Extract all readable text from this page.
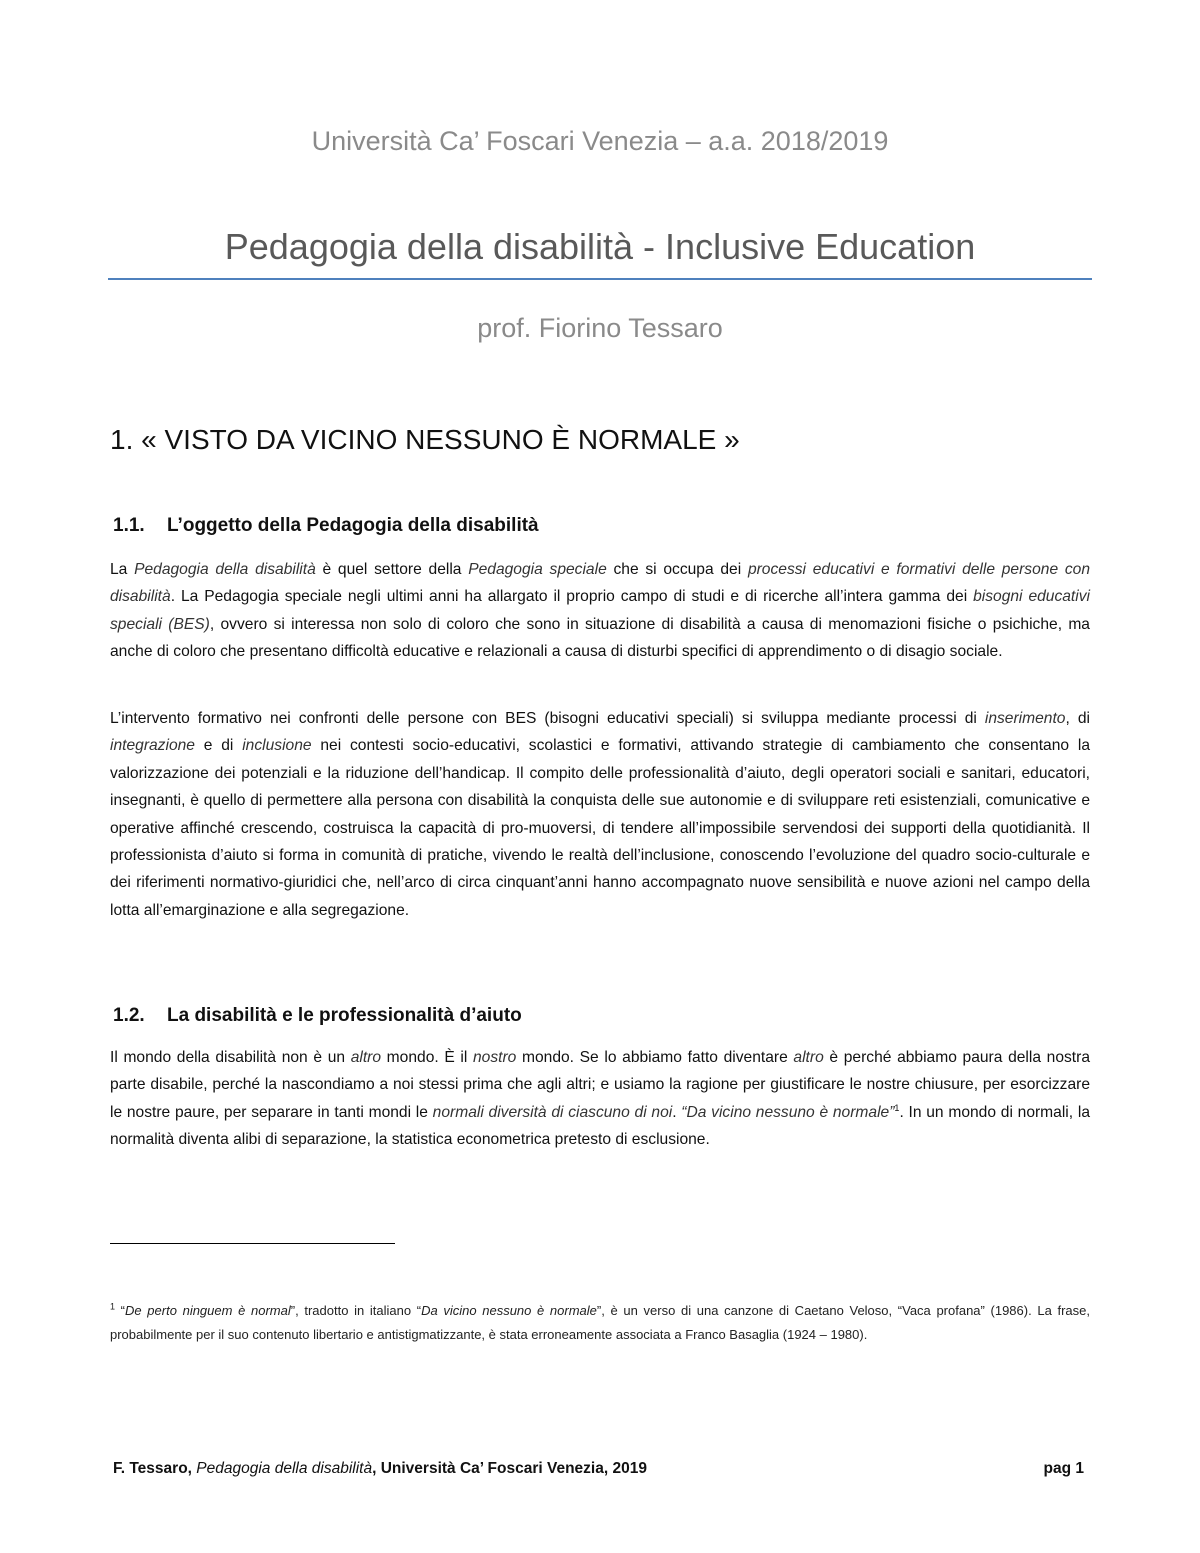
Università Ca’ Foscari Venezia – a.a. 2018/2019
Pedagogia della disabilità - Inclusive Education
prof. Fiorino Tessaro
1. « VISTO DA VICINO NESSUNO È NORMALE »
1.1. L’oggetto della Pedagogia della disabilità

La Pedagogia della disabilità è quel settore della Pedagogia speciale che si occupa dei processi educativi e formativi delle persone con disabilità. La Pedagogia speciale negli ultimi anni ha allargato il proprio campo di studi e di ricerche all’intera gamma dei bisogni educativi speciali (BES), ovvero si interessa non solo di coloro che sono in situazione di disabilità a causa di menomazioni fisiche o psichiche, ma anche di coloro che presentano difficoltà educative e relazionali a causa di disturbi specifici di apprendimento o di disagio sociale.

L’intervento formativo nei confronti delle persone con BES (bisogni educativi speciali) si sviluppa mediante processi di inserimento, di integrazione e di inclusione nei contesti socio-educativi, scolastici e formativi, attivando strategie di cambiamento che consentano la valorizzazione dei potenziali e la riduzione dell’handicap. Il compito delle professionalità d’aiuto, degli operatori sociali e sanitari, educatori, insegnanti, è quello di permettere alla persona con disabilità la conquista delle sue autonomie e di sviluppare reti esistenziali, comunicative e operative affinché crescendo, costruisca la capacità di pro-muoversi, di tendere all’impossibile servendosi dei supporti della quotidianità. Il professionista d’aiuto si forma in comunità di pratiche, vivendo le realtà dell’inclusione, conoscendo l’evoluzione del quadro socio-culturale e dei riferimenti normativo-giuridici che, nell’arco di circa cinquant’anni hanno accompagnato nuove sensibilità e nuove azioni nel campo della lotta all’emarginazione e alla segregazione.

1.2. La disabilità e le professionalità d’aiuto

Il mondo della disabilità non è un altro mondo. È il nostro mondo. Se lo abbiamo fatto diventare altro è perché abbiamo paura della nostra parte disabile, perché la nascondiamo a noi stessi prima che agli altri; e usiamo la ragione per giustificare le nostre chiusure, per esorcizzare le nostre paure, per separare in tanti mondi le normali diversità di ciascuno di noi. “Da vicino nessuno è normale”$^1$. In un mondo di normali, la normalità diventa alibi di separazione, la statistica econometrica pretesto di esclusione.

$^1$ “De perto ninguem è normal”, tradotto in italiano “Da vicino nessuno è normale”, è un verso di una canzone di Caetano Veloso, “Vaca profana” (1986). La frase, probabilmente per il suo contenuto libertario e antistigmatizzante, è stata erroneamente associata a Franco Basaglia (1924 – 1980).

F. Tessaro, Pedagogia della disabilità, Università Ca’ Foscari Venezia, 2019	pag 1
